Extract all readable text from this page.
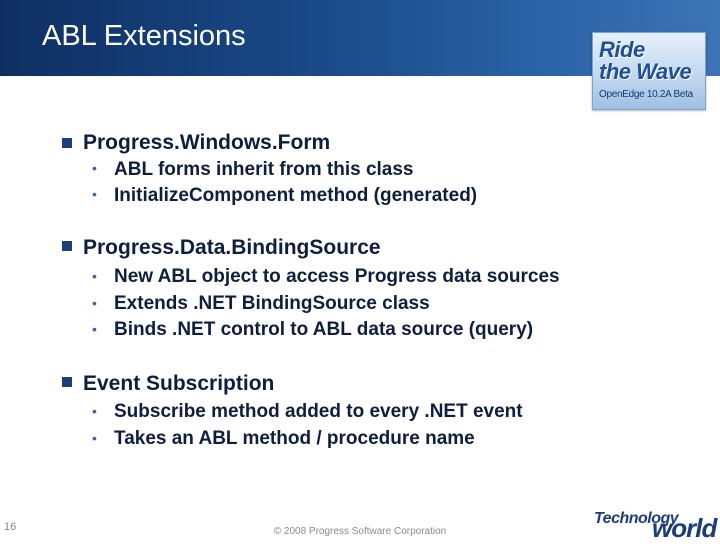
ABL Extensions	Ride
the Wave
OpenEdge 10.2A Beta
Progress.Windows.Form
• ABL forms inherit from this class
• InitializeComponent method (generated)
Progress.Data.BindingSource
• New ABL object to access Progress data sources
• Extends .NET BindingSource class
• Binds .NET control to ABL data source (query)
Event Subscription
• Subscribe method added to every .NET event
• Takes an ABL method / procedure name
16	© 2008 Progress Software Corporation
Technology
world
